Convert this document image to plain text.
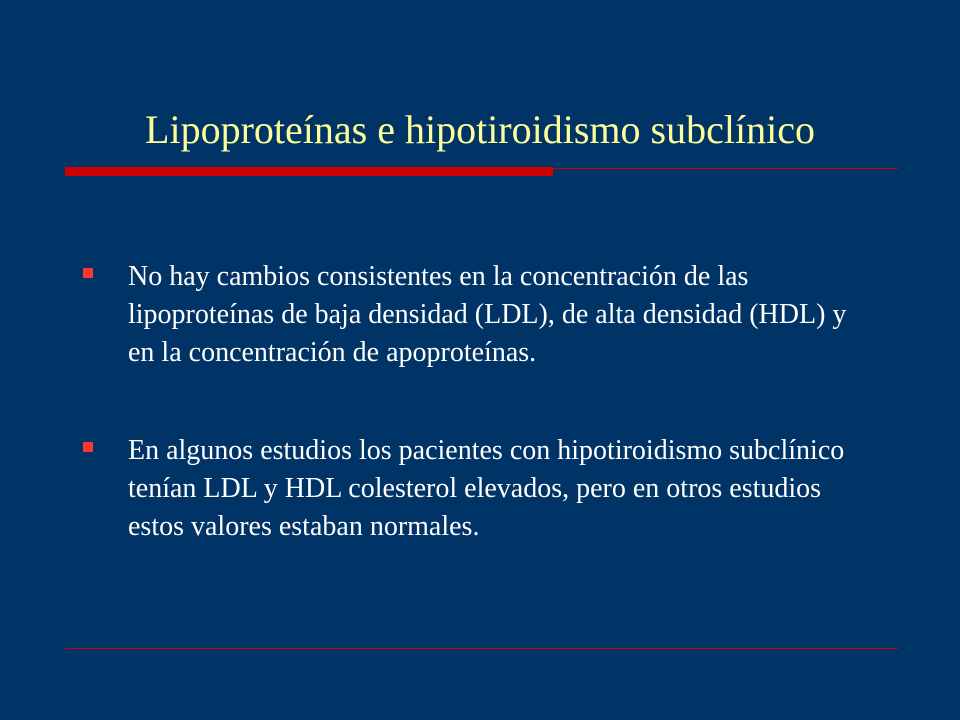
Lipoproteínas e hipotiroidismo subclínico
No hay cambios consistentes en la concentración de las lipoproteínas de baja densidad (LDL), de alta densidad (HDL) y en la concentración de apoproteínas.
En algunos estudios los pacientes con hipotiroidismo subclínico tenían LDL y HDL colesterol elevados, pero en otros estudios estos valores estaban normales.
